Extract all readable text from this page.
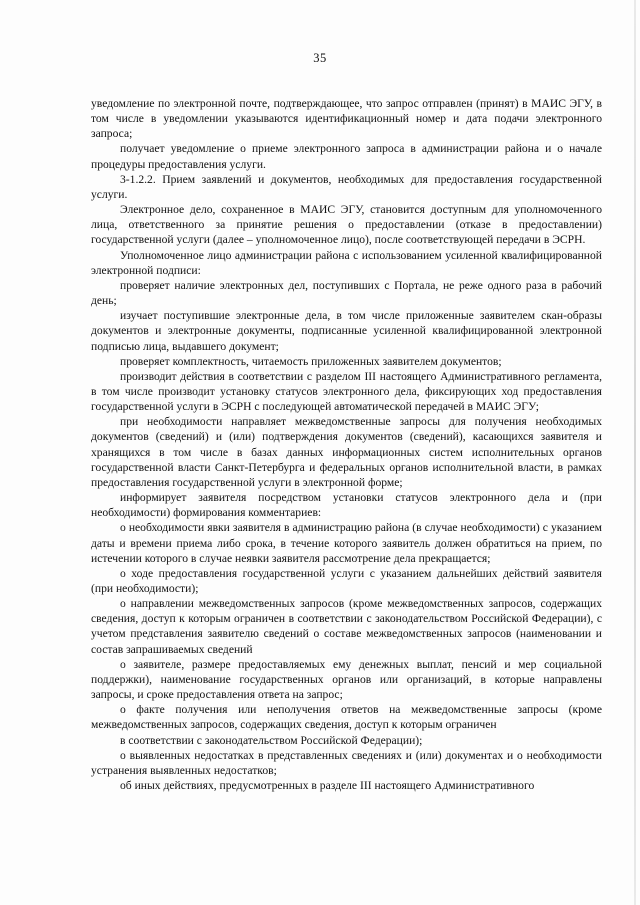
35

уведомление по электронной почте, подтверждающее, что запрос отправлен (принят) в МАИС ЭГУ, в том числе в уведомлении указываются идентификационный номер и дата подачи электронного запроса;

получает уведомление о приеме электронного запроса в администрации района и о начале процедуры предоставления услуги.

3-1.2.2. Прием заявлений и документов, необходимых для предоставления государственной услуги.

Электронное дело, сохраненное в МАИС ЭГУ, становится доступным для уполномоченного лица, ответственного за принятие решения о предоставлении (отказе в предоставлении) государственной услуги (далее – уполномоченное лицо), после соответствующей передачи в ЭСРН.

Уполномоченное лицо администрации района с использованием усиленной квалифицированной электронной подписи:

проверяет наличие электронных дел, поступивших с Портала, не реже одного раза в рабочий день;

изучает поступившие электронные дела, в том числе приложенные заявителем скан-образы документов и электронные документы, подписанные усиленной квалифицированной электронной подписью лица, выдавшего документ;

проверяет комплектность, читаемость приложенных заявителем документов;

производит действия в соответствии с разделом III настоящего Административного регламента, в том числе производит установку статусов электронного дела, фиксирующих ход предоставления государственной услуги в ЭСРН с последующей автоматической передачей в МАИС ЭГУ;

при необходимости направляет межведомственные запросы для получения необходимых документов (сведений) и (или) подтверждения документов (сведений), касающихся заявителя и хранящихся в том числе в базах данных информационных систем исполнительных органов государственной власти Санкт-Петербурга и федеральных органов исполнительной власти, в рамках предоставления государственной услуги в электронной форме;

информирует заявителя посредством установки статусов электронного дела и (при необходимости) формирования комментариев:

о необходимости явки заявителя в администрацию района (в случае необходимости) с указанием даты и времени приема либо срока, в течение которого заявитель должен обратиться на прием, по истечении которого в случае неявки заявителя рассмотрение дела прекращается;

о ходе предоставления государственной услуги с указанием дальнейших действий заявителя (при необходимости);

о направлении межведомственных запросов (кроме межведомственных запросов, содержащих сведения, доступ к которым ограничен в соответствии с законодательством Российской Федерации), с учетом представления заявителю сведений о составе межведомственных запросов (наименовании и состав запрашиваемых сведений

о заявителе, размере предоставляемых ему денежных выплат, пенсий и мер социальной поддержки), наименование государственных органов или организаций, в которые направлены запросы, и сроке предоставления ответа на запрос;

о факте получения или неполучения ответов на межведомственные запросы (кроме межведомственных запросов, содержащих сведения, доступ к которым ограничен

в соответствии с законодательством Российской Федерации);

о выявленных недостатках в представленных сведениях и (или) документах и о необходимости устранения выявленных недостатков;

об иных действиях, предусмотренных в разделе III настоящего Административного
